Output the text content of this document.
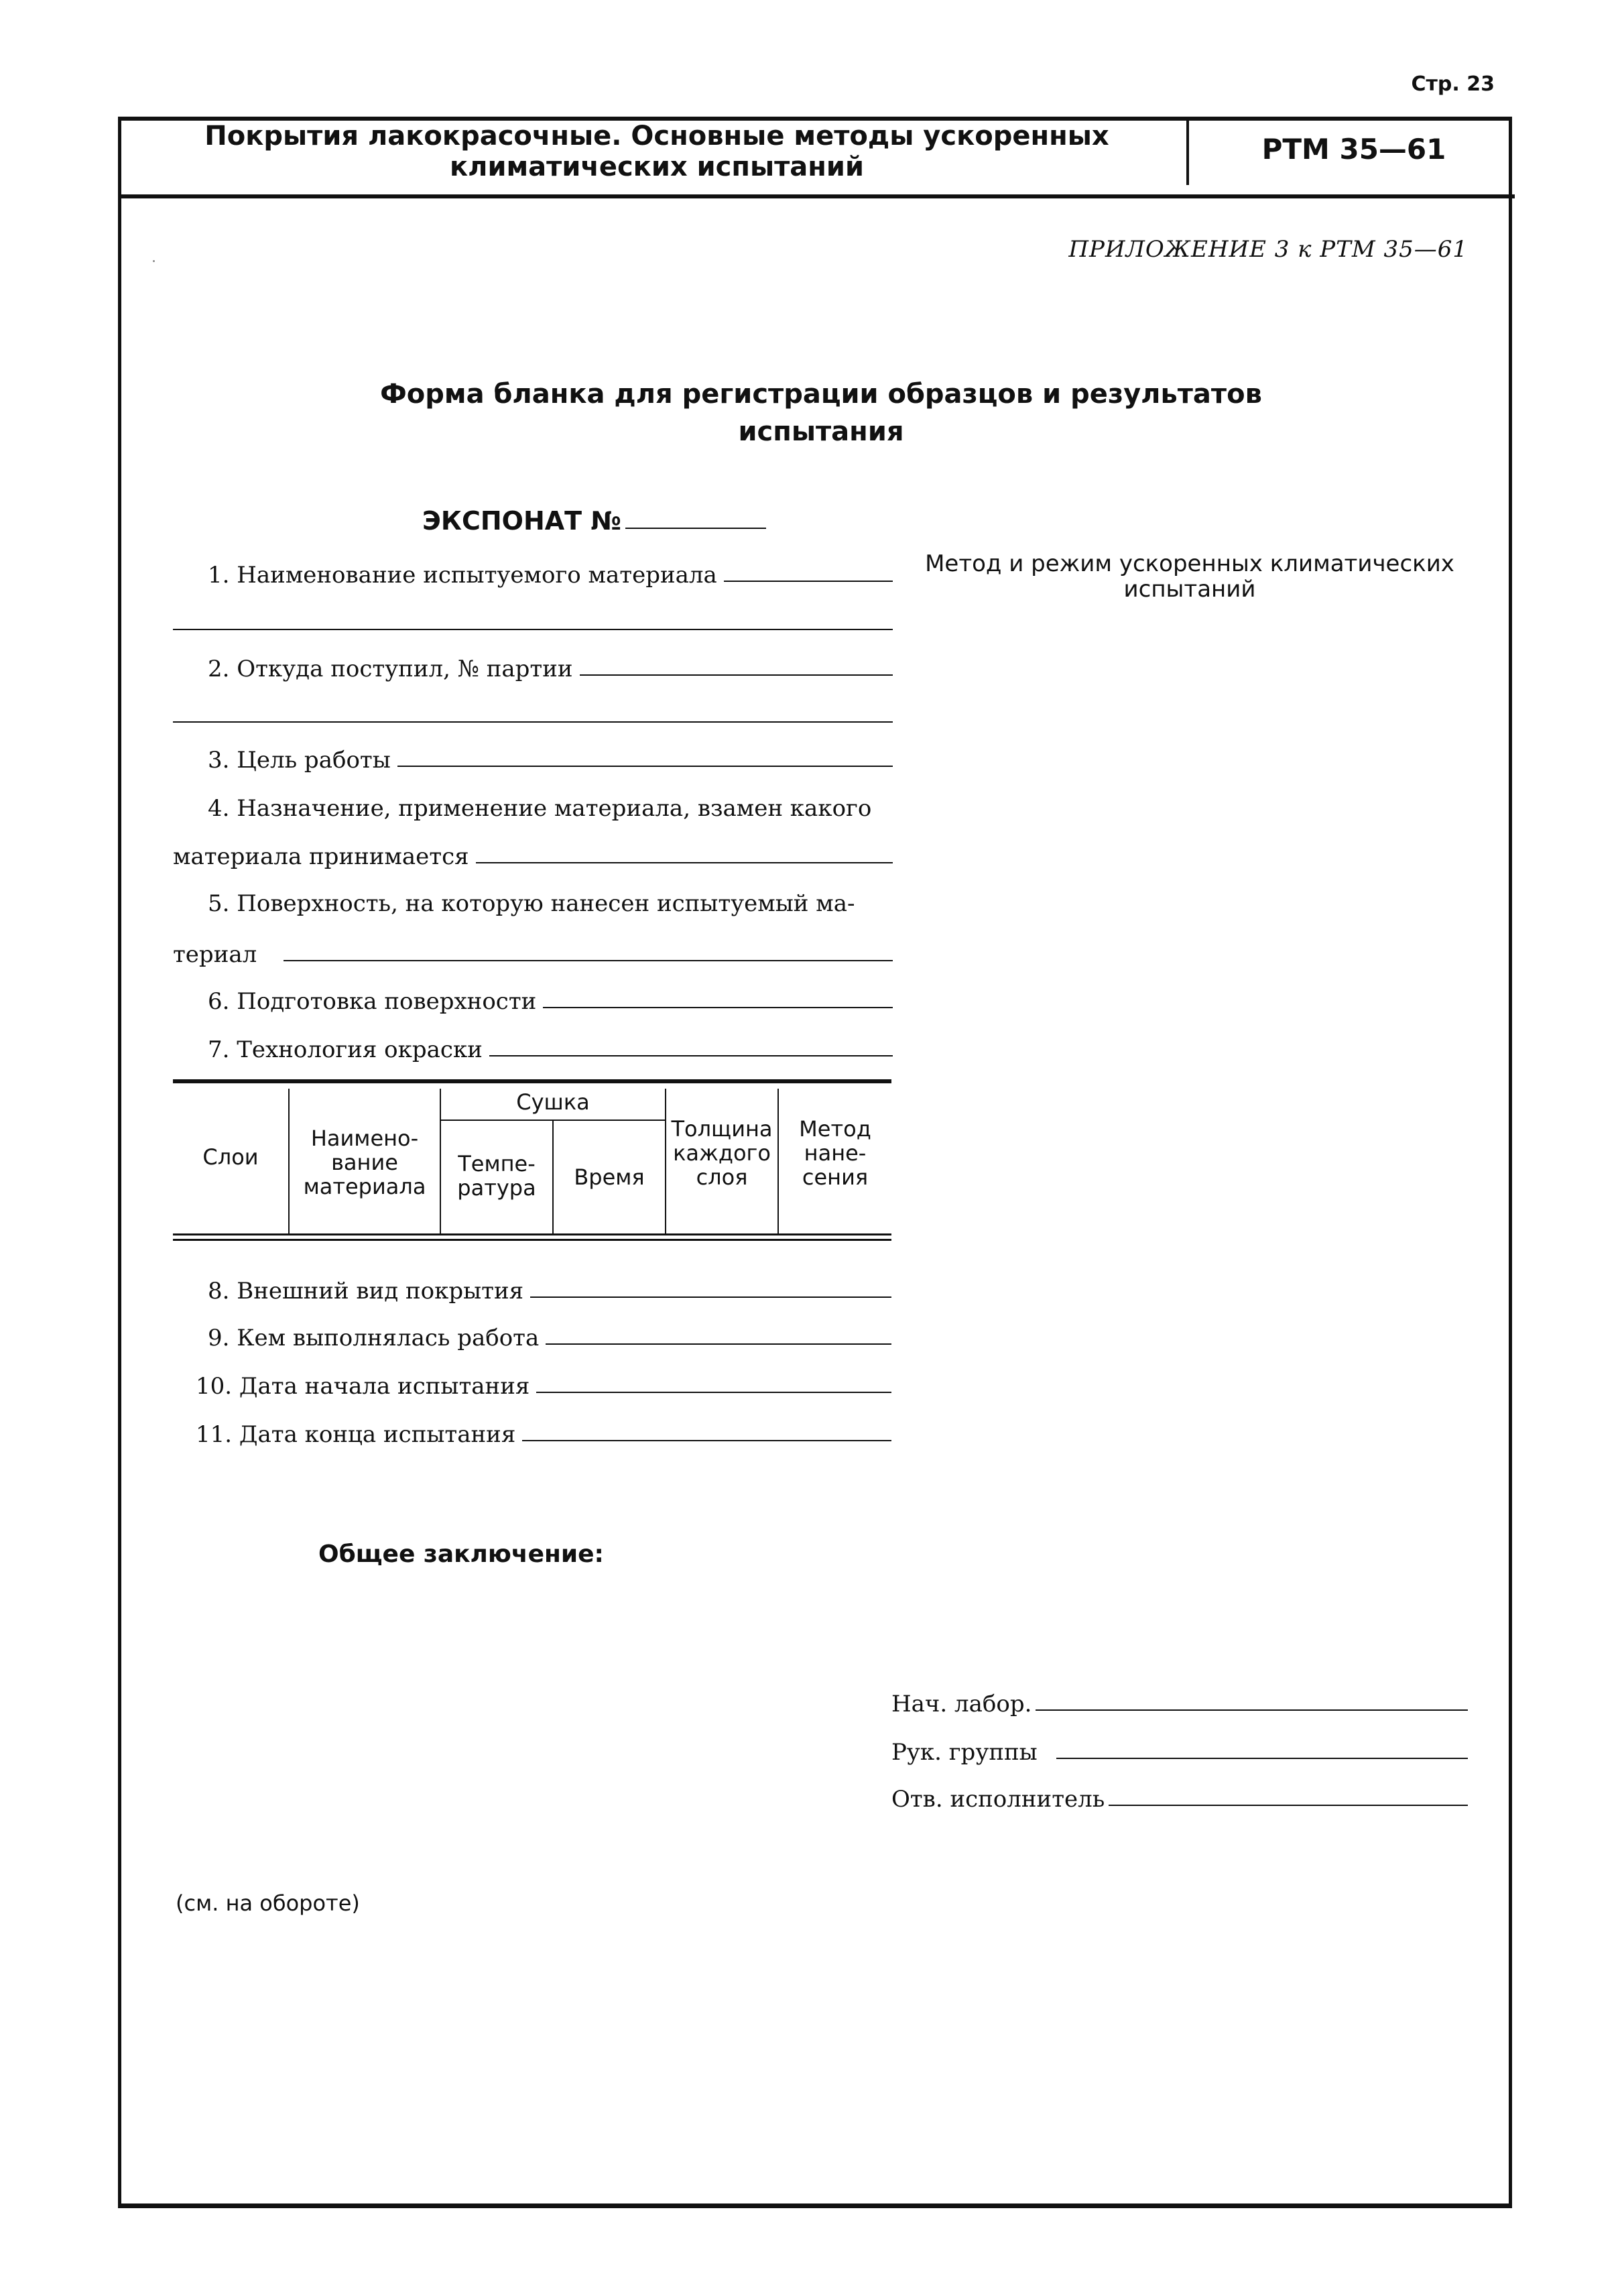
Стр. 23
Покрытия лакокрасочные. Основные методы ускоренных климатических испытаний
РТМ 35—61
ПРИЛОЖЕНИЕ 3 к РТМ 35—61
Форма бланка для регистрации образцов и результатов испытания
ЭКСПОНАТ №
Метод и режим ускоренных климатических испытаний
1. Наименование испытуемого материала
2. Откуда поступил, № партии
3. Цель работы
4. Назначение, применение материала, взамен какого
материала принимается
5. Поверхность, на которую нанесен испытуемый ма-
териал
6. Подготовка поверхности
7. Технология окраски
Слои
Наимено-вание материала
Сушка
Темпе-ратура	Время
Толщина каждого слоя
Метод нане-сения
8. Внешний вид покрытия
9. Кем выполнялась работа
10. Дата начала испытания
11. Дата конца испытания
Общее заключение:
Нач. лабор.
Рук. группы
Отв. исполнитель
(см. на обороте)
